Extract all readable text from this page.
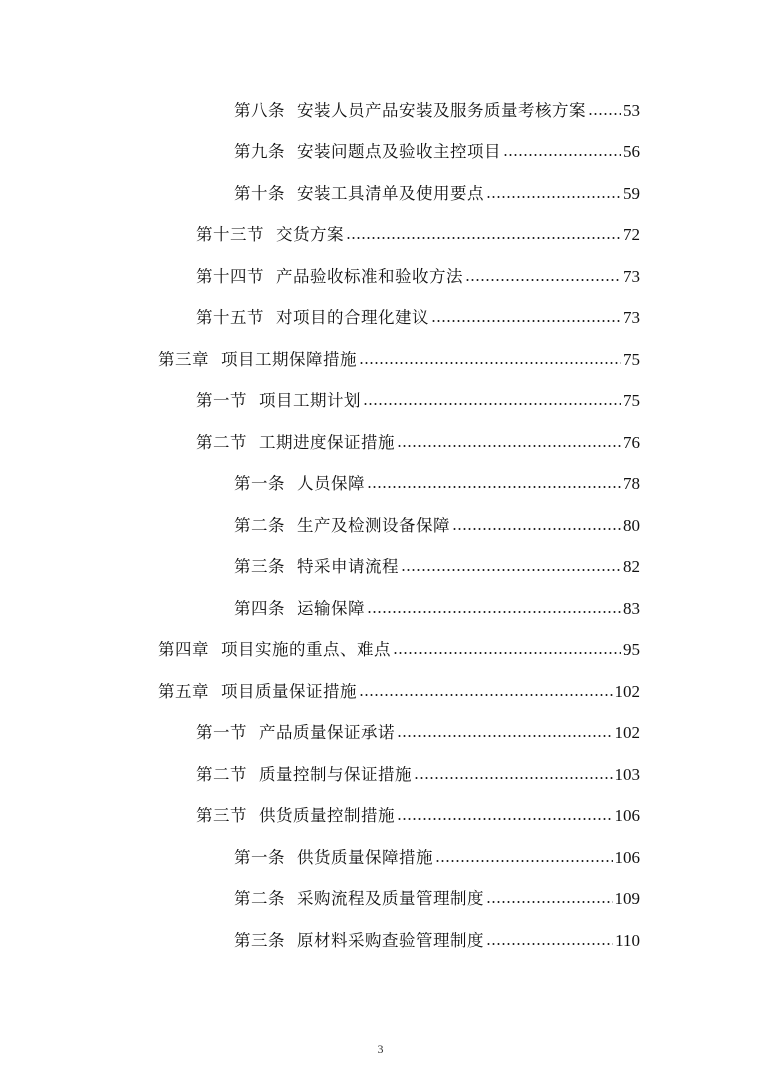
第八条 安装人员产品安装及服务质量考核方案 53
第九条 安装问题点及验收主控项目	56
第十条 安装工具清单及使用要点	59
第十三节 交货方案	72
第十四节 产品验收标准和验收方法	73
第十五节 对项目的合理化建议	73
第三章 项目工期保障措施	75
第一节 项目工期计划	75
第二节 工期进度保证措施	76
第一条 人员保障	78
第二条 生产及检测设备保障	80
第三条 特采申请流程	82
第四条 运输保障	83
第四章 项目实施的重点、难点	95
第五章 项目质量保证措施	102
第一节 产品质量保证承诺	102
第二节 质量控制与保证措施	103
第三节 供货质量控制措施	106
第一条 供货质量保障措施	106
第二条 采购流程及质量管理制度	109
第三条 原材料采购查验管理制度	110
3
